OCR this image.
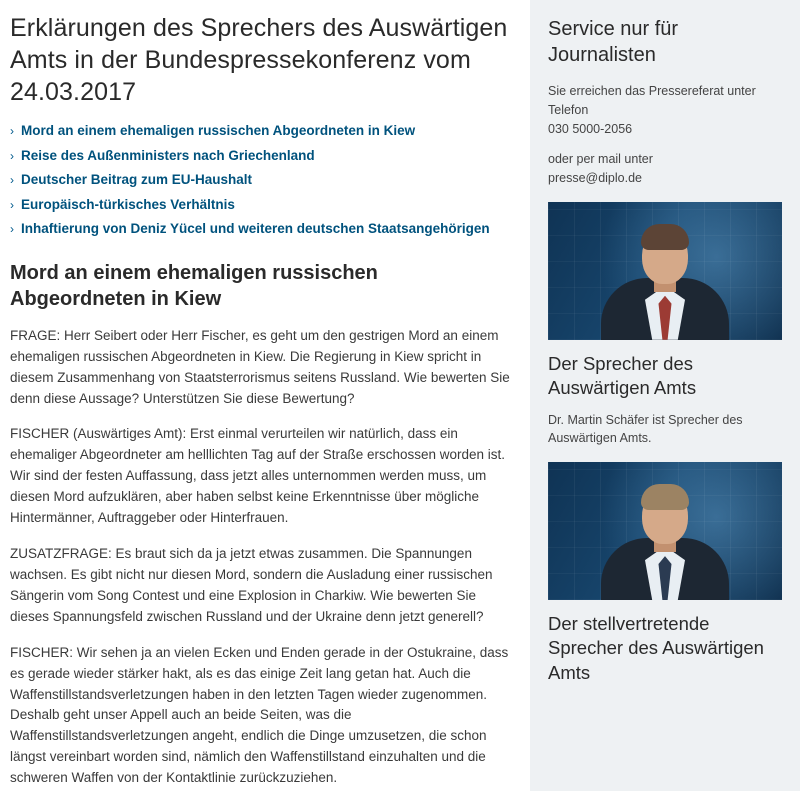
Erklärungen des Sprechers des Auswärtigen Amts in der Bundespressekonferenz vom 24.03.2017
› Mord an einem ehemaligen russischen Abgeordneten in Kiew
› Reise des Außenministers nach Griechenland
› Deutscher Beitrag zum EU-Haushalt
› Europäisch-türkisches Verhältnis
› Inhaftierung von Deniz Yücel und weiteren deutschen Staatsangehörigen
Mord an einem ehemaligen russischen Abgeordneten in Kiew

FRAGE: Herr Seibert oder Herr Fischer, es geht um den gestrigen Mord an einem ehemaligen russischen Abgeordneten in Kiew. Die Regierung in Kiew spricht in diesem Zusammenhang von Staatsterrorismus seitens Russland. Wie bewerten Sie denn diese Aussage? Unterstützen Sie diese Bewertung?

FISCHER (Auswärtiges Amt): Erst einmal verurteilen wir natürlich, dass ein ehemaliger Abgeordneter am helllichten Tag auf der Straße erschossen worden ist. Wir sind der festen Auffassung, dass jetzt alles unternommen werden muss, um diesen Mord aufzuklären, aber haben selbst keine Erkenntnisse über mögliche Hintermänner, Auftraggeber oder Hinterfrauen.

ZUSATZFRAGE: Es braut sich da ja jetzt etwas zusammen. Die Spannungen wachsen. Es gibt nicht nur diesen Mord, sondern die Ausladung einer russischen Sängerin vom Song Contest und eine Explosion in Charkiw. Wie bewerten Sie dieses Spannungsfeld zwischen Russland und der Ukraine denn jetzt generell?

FISCHER: Wir sehen ja an vielen Ecken und Enden gerade in der Ostukraine, dass es gerade wieder stärker hakt, als es das einige Zeit lang getan hat. Auch die Waffenstillstandsverletzungen haben in den letzten Tagen wieder zugenommen. Deshalb geht unser Appell auch an beide Seiten, was die Waffenstillstandsverletzungen angeht, endlich die Dinge umzusetzen, die schon längst vereinbart worden sind, nämlich den Waffenstillstand einzuhalten und die schweren Waffen von der Kontaktlinie zurückzuziehen.

Service nur für Journalisten

Sie erreichen das Pressereferat unter Telefon
030 5000-2056

oder per mail unter
presse@diplo.de

Der Sprecher des Auswärtigen Amts

Dr. Martin Schäfer ist Sprecher des Auswärtigen Amts.

Der stellvertretende Sprecher des Auswärtigen Amts
